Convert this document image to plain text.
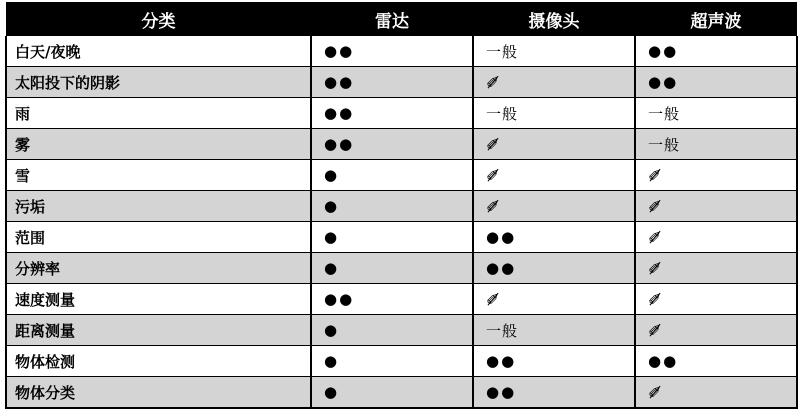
分类	雷达	摄像头	超声波
白天/夜晚	●●	一般	●●
太阳投下的阴影	●●	✐̸	●●
雨	●●	一般	一般
雾	●●	✐̸	一般
雪	●	✐̸	✐̸
污垢	●	✐̸	✐̸
范围	●	●●	✐̸
分辨率	●	●●	✐̸
速度测量	●●	✐̸	✐̸
距离测量	●	一般	✐̸
物体检测	●	●●	●●
物体分类	●	●●	✐̸
